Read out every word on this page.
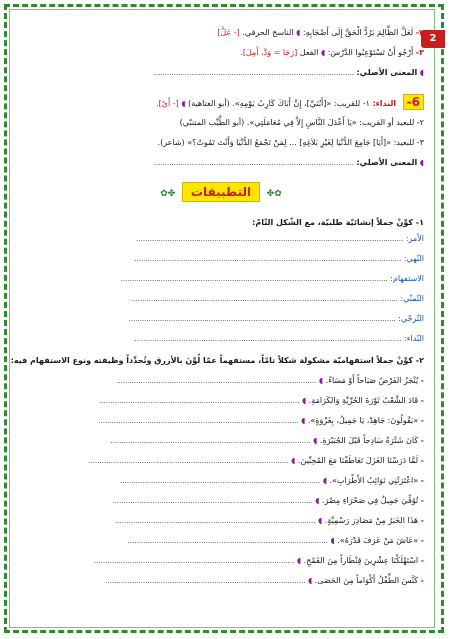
2
٢- لَعَلَّ الظَّالِمَ يَرُدُّ الْحَقَّ إِلَى أَصْحَابِهِ: ◖ الناسخ الحرفي. [- عَلَّ]
٣- أَرْجُو أَنْ تَسْتَوْعِبُوا الدَّرْسَ: ◖ الفعل [رَجَا = وَدَّ، أَمِلَ].
◖ المعنى الأصلي: ..........................................................................................
6- النداء: ١- للقريب: «[أَبُنَيَّ]، إِنَّ أَبَاكَ كَارِبُ يَوْمِهِ». (أبو العتاهية) ◖ [- أَيْ].
٢- للبعيد أو القريب: «يَا أَعْدَلَ النَّاسِ إِلاَّ فِي مُعَامَلَتِي». (أبو الطَّيِّب المتنبّي)
٣- للبعيد: «[أَيَا] جَامِعَ الدُّنْيَا لِغَيْرِ بَلاَغِهِ] ... لِمَنْ تَجْمَعُ الدُّنْيَا وَأَنْتَ تَمُوتُ؟» (شاعر).
◖ المعنى الأصلي: ..........................................................................................
✿✤ التطبيقات ✤✿
١- كوِّنْ جملاً إنشائيّة طلبيّة، مع الشّكل التّامّ:
الأمر: ........................................................................................................................
النّهي: ........................................................................................................................
الاستفهام: ........................................................................................................................
التّمنّي: ........................................................................................................................
التّرجّي: ........................................................................................................................
النّداء: ........................................................................................................................
٢- كوِّنْ جملاً استفهاميّة مشكولة شكلاً تامّاً، مستفهماً عمّا لُوِّنَ بالأزرق وتُحدِّداً وظيفته ونوع الاستفهام فيه:
- يُنْجَزُ الفَرْضُ صَبَاحاً أَوْ مَسَاءً. ◖ ..........................................................................................
- قَادَ الشَّعْبُ ثَوْرَةَ الحُرِّيَّةِ وَالكَرَامَةِ. ◖ ..........................................................................................
- «يَقُولُونَ: جَاهِدْ، يَا جَمِيلُ، بِغَزْوَةٍ». ◖ ..........................................................................................
- كَانَ شَتْرَةُ سَادِجاً قَبْلَ الجُبَيْرَةِ. ◖ ..........................................................................................
- لَمَّا دَرَسْنَا الغَزَلَ تَعَاطَفْنَا مَعَ المُحِبِّينَ. ◖ ..........................................................................................
- «اعْتَرَتْنِي نَوَائِبُ الأَطْرَابِ». ◖ ..........................................................................................
- تُوُفِّيَ جَمِيلٌ فِي صَحْرَاءِ مِصْرَ. ◖ ..........................................................................................
- هَذَا الخَبَرُ مِنْ مَصَادِرَ رَسْمِيَّةٍ. ◖ ..........................................................................................
- «عَاشَ مَنْ عَرَفَ قَدْرَهُ». ◖ ..........................................................................................
- اسْتَهْلَكْنَا عِشْرِينَ قِنْطَاراً مِنَ القَمْحِ. ◖ ..........................................................................................
- كَنَّسَ الطِّفْلُ أَكْوَاماً مِنَ الحَصَى. ◖ ..........................................................................................
